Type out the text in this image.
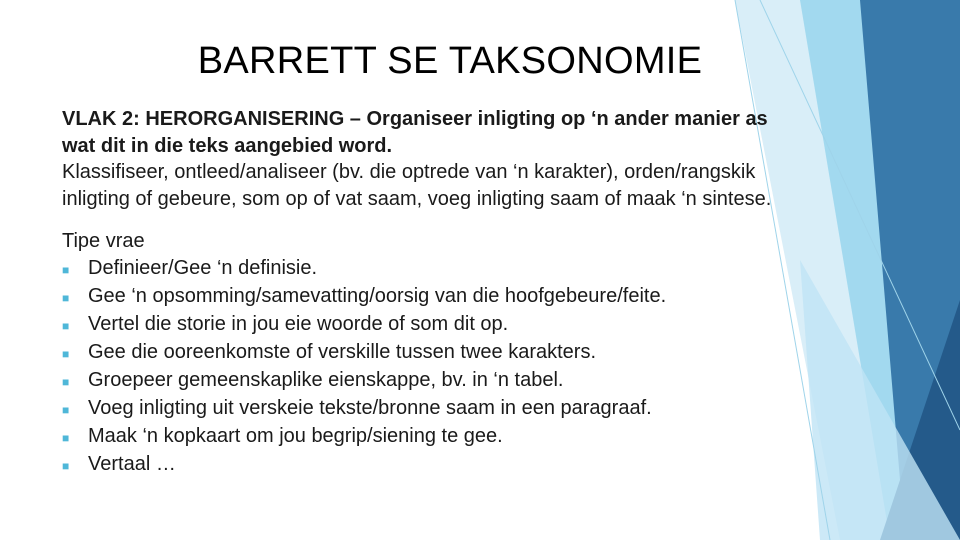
BARRETT SE TAKSONOMIE

VLAK 2: HERORGANISERING – Organiseer inligting op ‘n ander manier as wat dit in die teks aangebied word.

Klassifiseer, ontleed/analiseer (bv. die optrede van ‘n karakter), orden/rangskik inligting of gebeure, som op of vat saam, voeg inligting saam of maak ‘n sintese.

Tipe vrae

■ Definieer/Gee ‘n definisie.
■ Gee ‘n opsomming/samevatting/oorsig van die hoofgebeure/feite.
■ Vertel die storie in jou eie woorde of som dit op.
■ Gee die ooreenkomste of verskille tussen twee karakters.
■ Groepeer gemeenskaplike eienskappe, bv. in ‘n tabel.
■ Voeg inligting uit verskeie tekste/bronne saam in een paragraaf.
■ Maak ‘n kopkaart om jou begrip/siening te gee.
■ Vertaal …
